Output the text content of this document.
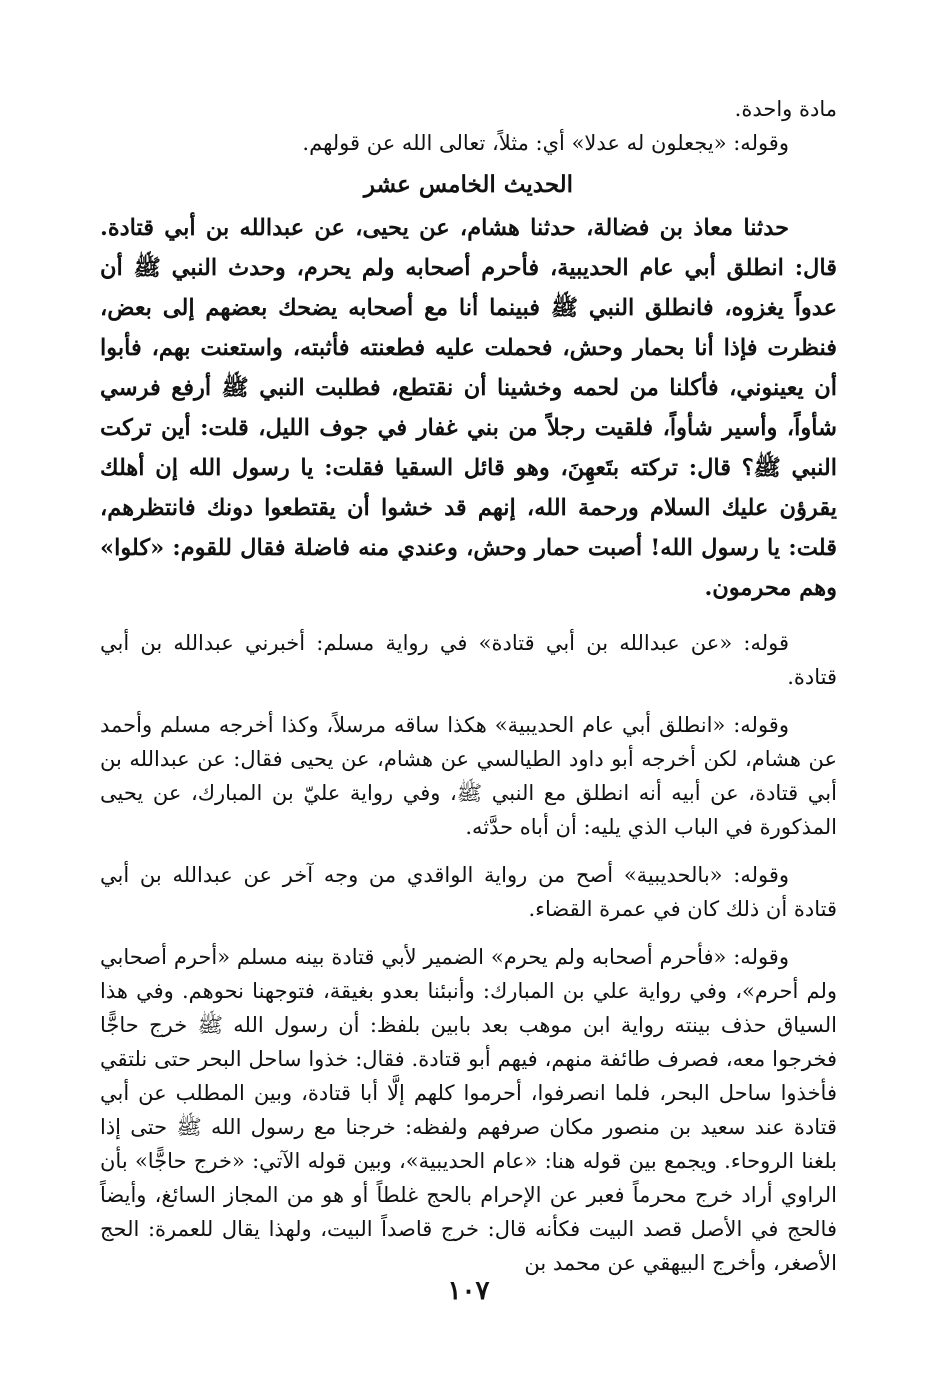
مادة واحدة.

وقوله: «يجعلون له عدلا» أي: مثلاً، تعالى الله عن قولهم.

الحديث الخامس عشر

حدثنا معاذ بن فضالة، حدثنا هشام، عن يحيى، عن عبدالله بن أبي قتادة. قال: انطلق أبي عام الحديبية، فأحرم أصحابه ولم يحرم، وحدث النبي ﷺ أن عدواً يغزوه، فانطلق النبي ﷺ فبينما أنا مع أصحابه يضحك بعضهم إلى بعض، فنظرت فإذا أنا بحمار وحش، فحملت عليه فطعنته فأثبته، واستعنت بهم، فأبوا أن يعينوني، فأكلنا من لحمه وخشينا أن نقتطع، فطلبت النبي ﷺ أرفع فرسي شأواً، وأسير شأواً، فلقيت رجلاً من بني غفار في جوف الليل، قلت: أين تركت النبي ﷺ؟ قال: تركته بتَعهِنَ، وهو قائل السقيا فقلت: يا رسول الله إن أهلك يقرؤن عليك السلام ورحمة الله، إنهم قد خشوا أن يقتطعوا دونك فانتظرهم، قلت: يا رسول الله! أصبت حمار وحش، وعندي منه فاضلة فقال للقوم: «كلوا» وهم محرمون.

قوله: «عن عبدالله بن أبي قتادة» في رواية مسلم: أخبرني عبدالله بن أبي قتادة.

وقوله: «انطلق أبي عام الحديبية» هكذا ساقه مرسلاً، وكذا أخرجه مسلم وأحمد عن هشام، لكن أخرجه أبو داود الطيالسي عن هشام، عن يحيى فقال: عن عبدالله بن أبي قتادة، عن أبيه أنه انطلق مع النبي ﷺ، وفي رواية عليّ بن المبارك، عن يحيى المذكورة في الباب الذي يليه: أن أباه حدَّثه.

وقوله: «بالحديبية» أصح من رواية الواقدي من وجه آخر عن عبدالله بن أبي قتادة أن ذلك كان في عمرة القضاء.

وقوله: «فأحرم أصحابه ولم يحرم» الضمير لأبي قتادة بينه مسلم «أحرم أصحابي ولم أحرم»، وفي رواية علي بن المبارك: وأنبئنا بعدو بغيقة، فتوجهنا نحوهم. وفي هذا السياق حذف بينته رواية ابن موهب بعد بابين بلفظ: أن رسول الله ﷺ خرج حاجًّا فخرجوا معه، فصرف طائفة منهم، فيهم أبو قتادة. فقال: خذوا ساحل البحر حتى نلتقي فأخذوا ساحل البحر، فلما انصرفوا، أحرموا كلهم إلَّا أبا قتادة، وبين المطلب عن أبي قتادة عند سعيد بن منصور مكان صرفهم ولفظه: خرجنا مع رسول الله ﷺ حتى إذا بلغنا الروحاء. ويجمع بين قوله هنا: «عام الحديبية»، وبين قوله الآتي: «خرج حاجًّا» بأن الراوي أراد خرج محرماً فعبر عن الإحرام بالحج غلطاً أو هو من المجاز السائغ، وأيضاً فالحج في الأصل قصد البيت فكأنه قال: خرج قاصداً البيت، ولهذا يقال للعمرة: الحج الأصغر، وأخرج البيهقي عن محمد بن

١٠٧
